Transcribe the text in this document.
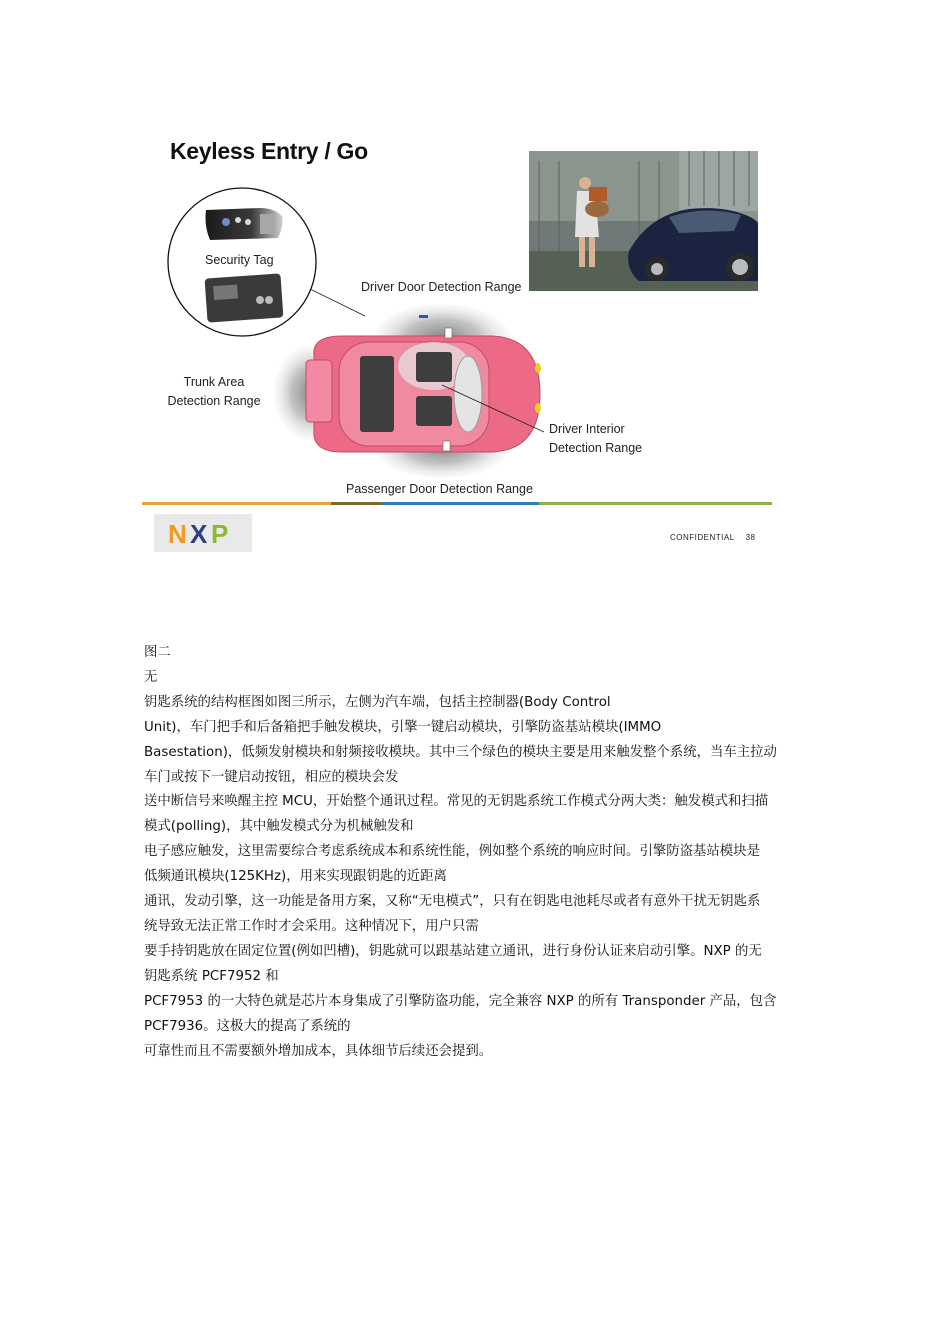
Keyless Entry / Go
Security Tag
Driver Door Detection Range
Trunk Area
Detection Range
Driver Interior
Detection Range
Passenger Door Detection Range
N X P	CONFIDENTIAL 38

图二

无

钥匙系统的结构框图如图三所示，左侧为汽车端，包括主控制器(Body Control

Unit)，车门把手和后备箱把手触发模块，引擎一键启动模块，引擎防盗基站模块(IMMO

Basestation)，低频发射模块和射频接收模块。其中三个绿色的模块主要是用来触发整个系统，当车主拉动

车门或按下一键启动按钮，相应的模块会发

送中断信号来唤醒主控 MCU，开始整个通讯过程。常见的无钥匙系统工作模式分两大类：触发模式和扫描

模式(polling)，其中触发模式分为机械触发和

电子感应触发，这里需要综合考虑系统成本和系统性能，例如整个系统的响应时间。引擎防盗基站模块是

低频通讯模块(125KHz)，用来实现跟钥匙的近距离

通讯，发动引擎，这一功能是备用方案，又称“无电模式”，只有在钥匙电池耗尽或者有意外干扰无钥匙系

统导致无法正常工作时才会采用。这种情况下，用户只需

要手持钥匙放在固定位置(例如凹槽)，钥匙就可以跟基站建立通讯，进行身份认证来启动引擎。NXP 的无

钥匙系统 PCF7952 和

PCF7953 的一大特色就是芯片本身集成了引擎防盗功能，完全兼容 NXP 的所有 Transponder 产品，包含

PCF7936。这极大的提高了系统的

可靠性而且不需要额外增加成本，具体细节后续还会提到。
